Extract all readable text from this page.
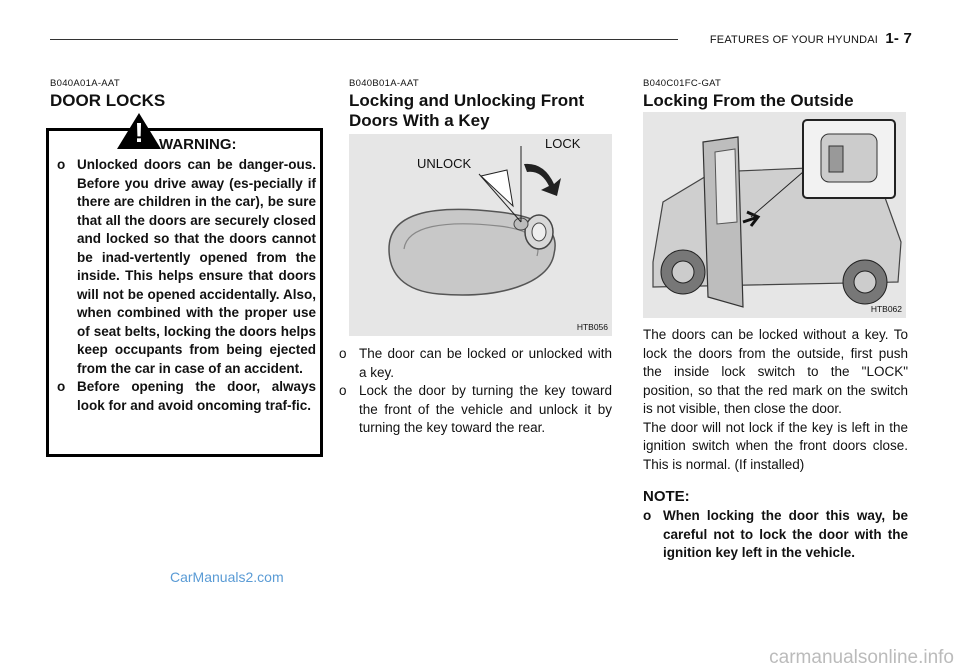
FEATURES OF YOUR HYUNDAI 1- 7
B040A01A-AAT
DOOR LOCKS
! WARNING:
o Unlocked doors can be danger-ous. Before you drive away (es-pecially if there are children in the car), be sure that all the doors are securely closed and locked so that the doors cannot be inad-vertently opened from the inside. This helps ensure that doors will not be opened accidentally. Also, when combined with the proper use of seat belts, locking the doors helps keep occupants from being ejected from the car in case of an accident.
o Before opening the door, always look for and avoid oncoming traf-fic.
B040B01A-AAT
Locking and Unlocking Front Doors With a Key
UNLOCK
LOCK
HTB056
o The door can be locked or unlocked with a key.
o Lock the door by turning the key toward the front of the vehicle and unlock it by turning the key toward the rear.
B040C01FC-GAT
Locking From the Outside
HTB062
The doors can be locked without a key. To lock the doors from the outside, first push the inside lock switch to the "LOCK" position, so that the red mark on the switch is not visible, then close the door.
The door will not lock if the key is left in the ignition switch when the front doors close. This is normal. (If installed)
NOTE:
o When locking the door this way, be careful not to lock the door with the ignition key left in the vehicle.
CarManuals2.com
carmanualsonline.info
